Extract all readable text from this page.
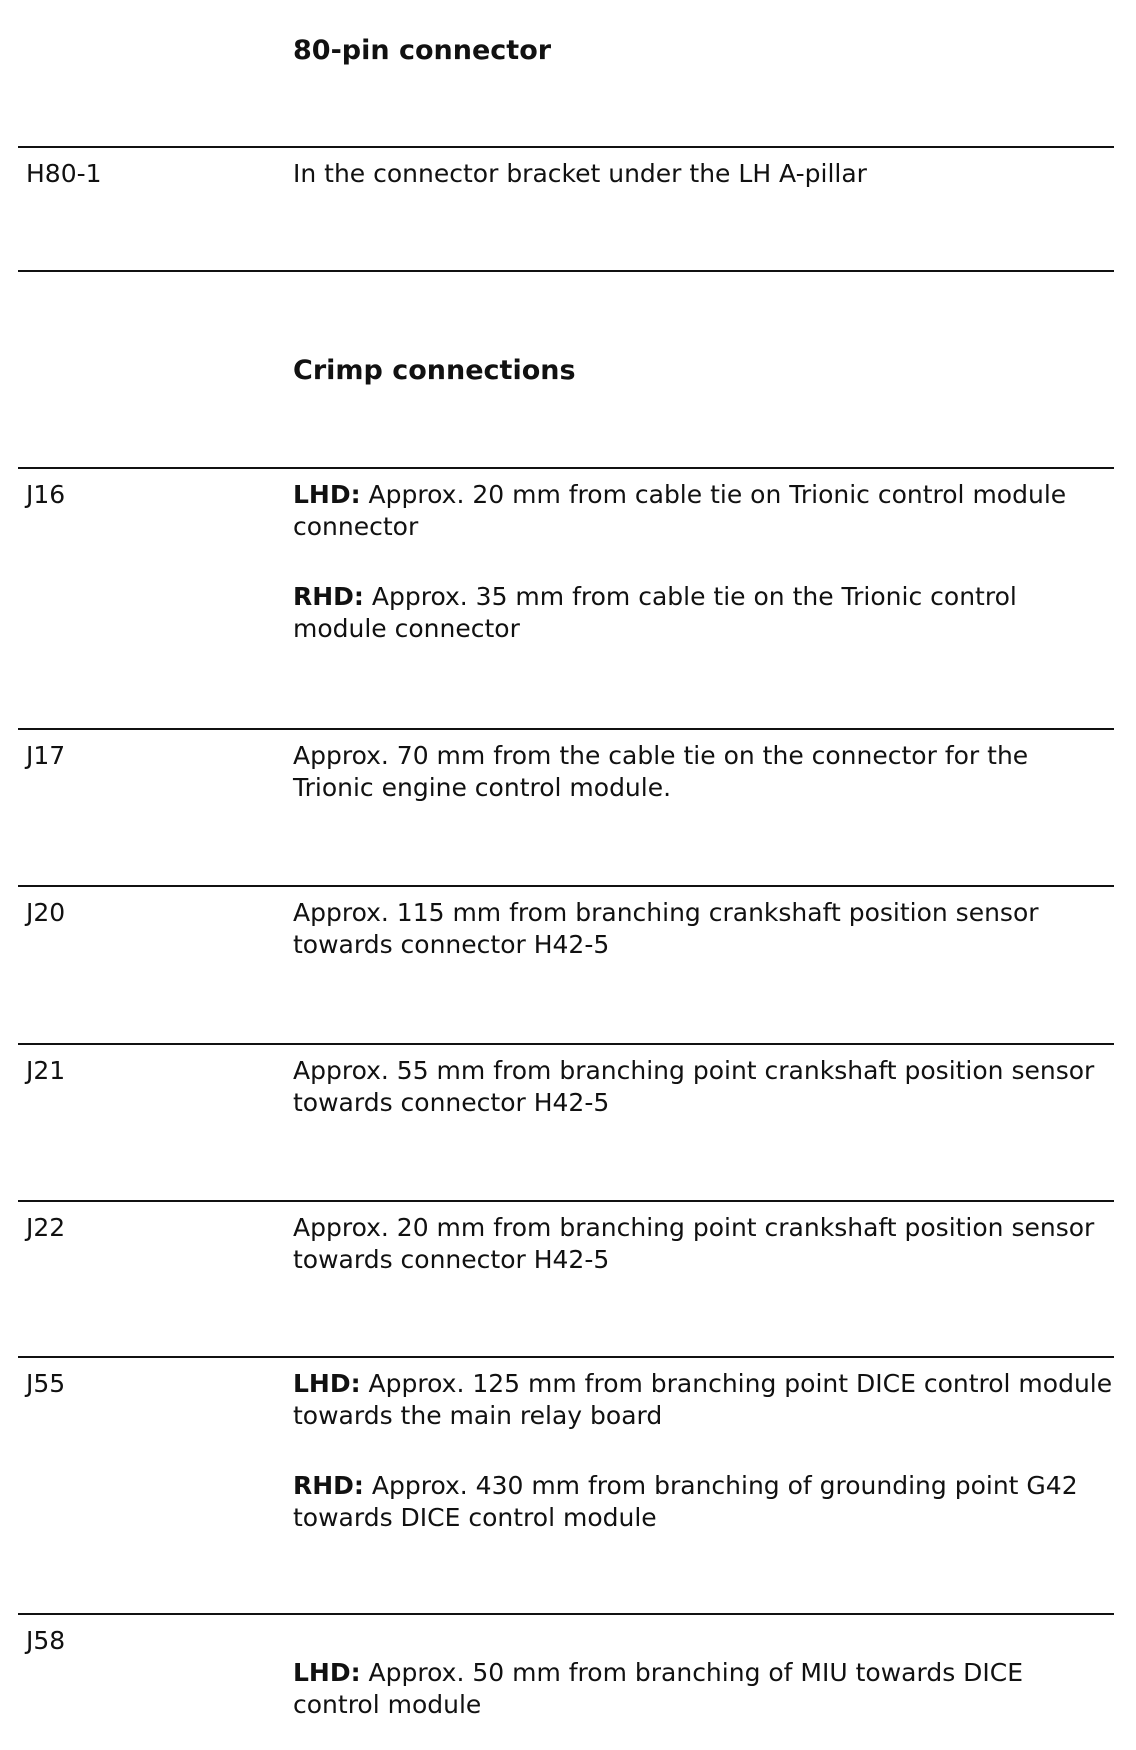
80-pin connector
H80-1	In the connector bracket under the LH A-pillar

Crimp connections
J16	LHD: Approx. 20 mm from cable tie on Trionic control module connector

RHD: Approx. 35 mm from cable tie on the Trionic control module connector

J17	Approx. 70 mm from the cable tie on the connector for the Trionic engine control module.

J20	Approx. 115 mm from branching crankshaft position sensor towards connector H42-5

J21	Approx. 55 mm from branching point crankshaft position sensor towards connector H42-5

J22	Approx. 20 mm from branching point crankshaft position sensor towards connector H42-5

J55	LHD: Approx. 125 mm from branching point DICE control module towards the main relay board

RHD: Approx. 430 mm from branching of grounding point G42 towards DICE control module

J58

LHD: Approx. 50 mm from branching of MIU towards DICE control module
